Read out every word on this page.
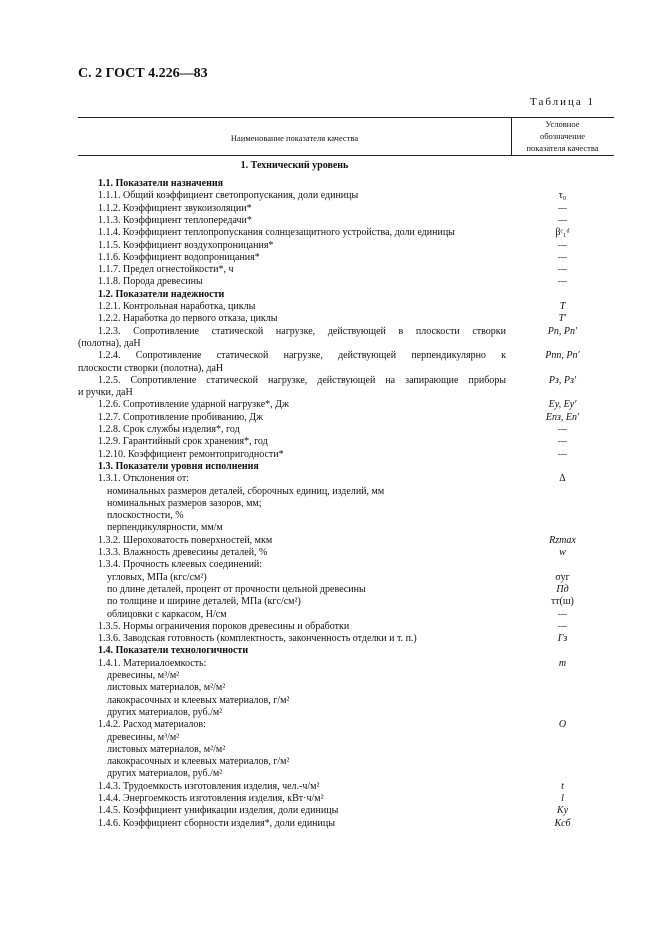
С. 2 ГОСТ 4.226—83
Таблица 1
Наименование показателя качества
Условное
обозначение
показателя качества
1. Технический уровень
1.1. Показатели назначения
1.1.1. Общий коэффициент светопропускания, доли единицы	τ₀
1.1.2. Коэффициент звукоизоляции*	—
1.1.3. Коэффициент теплопередачи*	—
1.1.4. Коэффициент теплопропускания солнцезащитного устройства, доли единицы	βᶜ₁ᵈ
1.1.5. Коэффициент воздухопроницания*	—
1.1.6. Коэффициент водопроницания*	—
1.1.7. Предел огнестойкости*, ч	—
1.1.8. Порода древесины	—
1.2. Показатели надежности
1.2.1. Контрольная наработка, циклы	T
1.2.2. Наработка до первого отказа, циклы	T′
1.2.3. Сопротивление статической нагрузке, действующей в плоскости створки	Pп, Pп′
(полотна), даН
1.2.4. Сопротивление статической нагрузке, действующей перпендикулярно к	Pпп, Pп′
плоскости створки (полотна), даН
1.2.5. Сопротивление статической нагрузке, действующей на запирающие приборы	Pз, Pз′
и ручки, даН
1.2.6. Сопротивление ударной нагрузке*, Дж	Eу, Eу′
1.2.7. Сопротивление пробиванию, Дж	Eпз, Eп′
1.2.8. Срок службы изделия*, год	—
1.2.9. Гарантийный срок хранения*, год	—
1.2.10. Коэффициент ремонтопригодности*	—
1.3. Показатели уровня исполнения
1.3.1. Отклонения от:	Δ
номинальных размеров деталей, сборочных единиц, изделий, мм
номинальных размеров зазоров, мм;
плоскостности, %
перпендикулярности, мм/м
1.3.2. Шероховатость поверхностей, мкм	Rzmax
1.3.3. Влажность древесины деталей, %	w
1.3.4. Прочность клеевых соединений:
угловых, МПа (кгс/см²)	σуг
по длине деталей, процент от прочности цельной древесины	Пд
по толщине и ширине деталей, МПа (кгс/см²)	τт(ш)
облицовки с каркасом, Н/см	—
1.3.5. Нормы ограничения пороков древесины и обработки	—
1.3.6. Заводская готовность (комплектность, законченность отделки и т. п.)	Гз
1.4. Показатели технологичности
1.4.1. Материалоемкость:	m
древесины, м³/м²
листовых материалов, м²/м²
лакокрасочных и клеевых материалов, г/м²
других материалов, руб./м²
1.4.2. Расход материалов:	O
древесины, м³/м²
листовых материалов, м²/м²
лакокрасочных и клеевых материалов, г/м²
других материалов, руб./м²
1.4.3. Трудоемкость изготовления изделия, чел.-ч/м²	t
1.4.4. Энергоемкость изготовления изделия, кВт·ч/м²	l
1.4.5. Коэффициент унификации изделия, доли единицы	Kу
1.4.6. Коэффициент сборности изделия*, доли единицы	Kсб
